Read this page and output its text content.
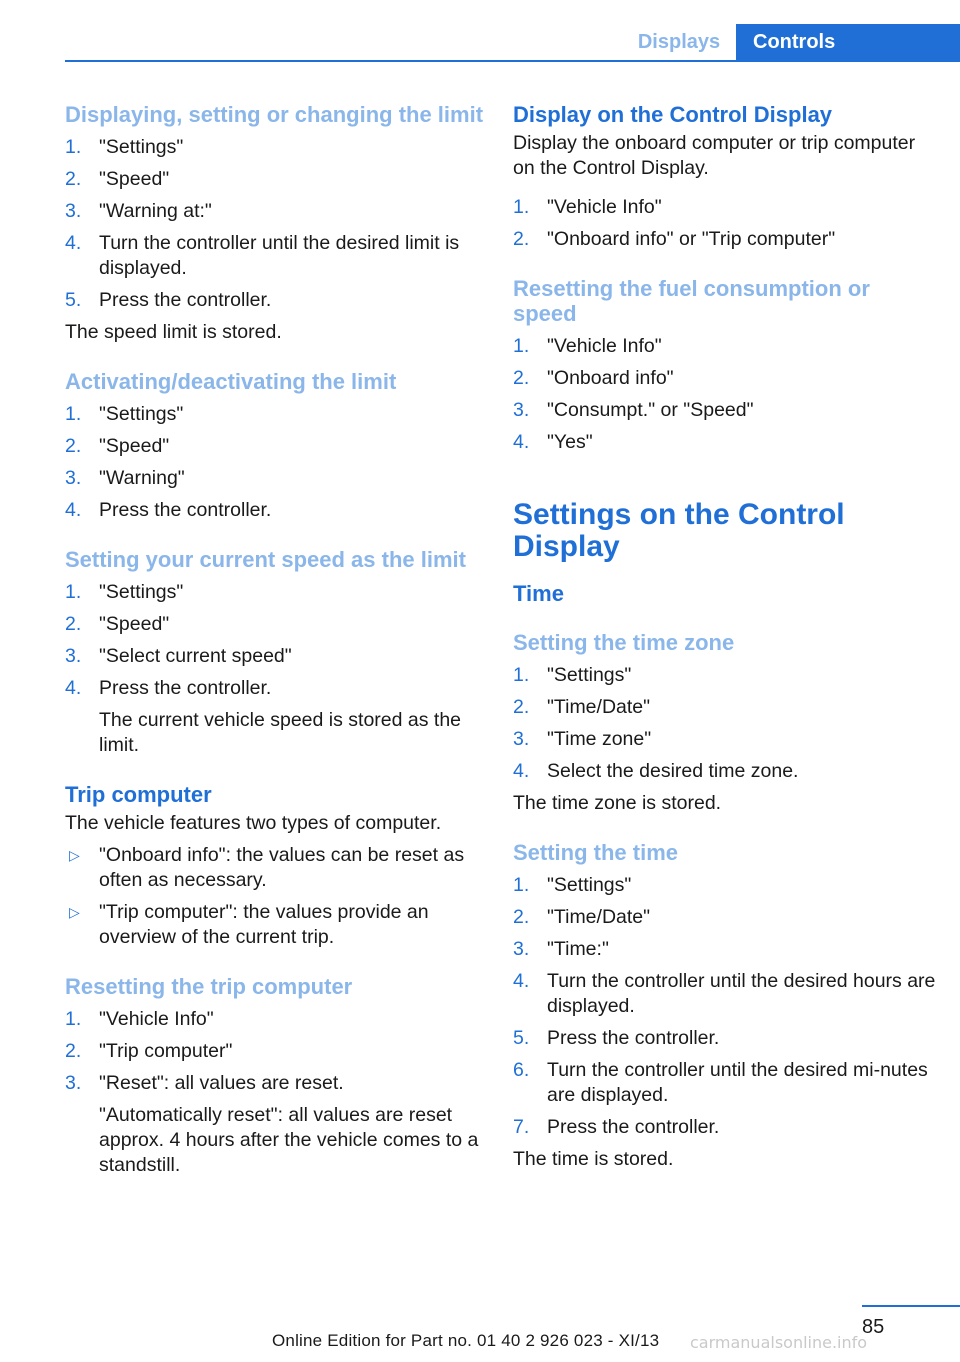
Displays	Controls
Displaying, setting or changing the limit
1. "Settings"
2. "Speed"
3. "Warning at:"
4. Turn the controller until the desired limit is displayed.
5. Press the controller.

The speed limit is stored.

Activating/deactivating the limit
1. "Settings"
2. "Speed"
3. "Warning"
4. Press the controller.
Setting your current speed as the limit
1. "Settings"
2. "Speed"
3. "Select current speed"
4. Press the controller.
The current vehicle speed is stored as the limit.
Trip computer

The vehicle features two types of computer.

▷ "Onboard info": the values can be reset as often as necessary.
▷ "Trip computer": the values provide an overview of the current trip.
Resetting the trip computer
1. "Vehicle Info"
2. "Trip computer"
3. "Reset": all values are reset.
"Automatically reset": all values are reset approx. 4 hours after the vehicle comes to a standstill.
Display on the Control Display

Display the onboard computer or trip computer on the Control Display.

1. "Vehicle Info"
2. "Onboard info" or "Trip computer"
Resetting the fuel consumption or speed
1. "Vehicle Info"
2. "Onboard info"
3. "Consumpt." or "Speed"
4. "Yes"
Settings on the Control Display
Time
Setting the time zone
1. "Settings"
2. "Time/Date"
3. "Time zone"
4. Select the desired time zone.

The time zone is stored.

Setting the time
1. "Settings"
2. "Time/Date"
3. "Time:"
4. Turn the controller until the desired hours are displayed.
5. Press the controller.
6. Turn the controller until the desired mi‐nutes are displayed.
7. Press the controller.

The time is stored.

85
Online Edition for Part no. 01 40 2 926 023 - XI/13 carmanualsonline.info
